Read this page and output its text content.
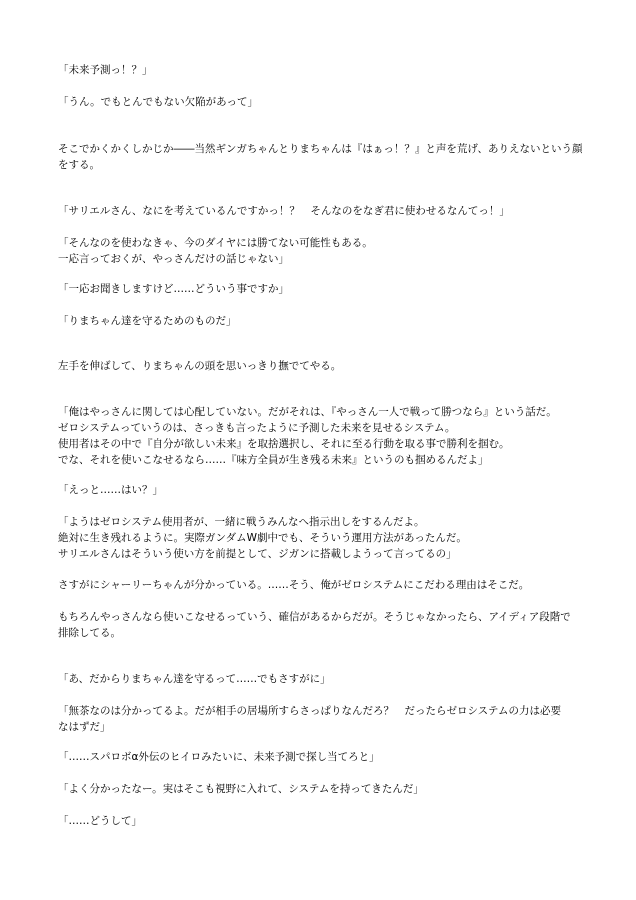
「未来予測っ！？」
「うん。でもとんでもない欠陥があって」
そこでかくかくしかじか――当然ギンガちゃんとりまちゃんは『はぁっ！？』と声を荒げ、ありえないという顔
をする。
「サリエルさん、なにを考えているんですかっ！？　そんなのをなぎ君に使わせるなんてっ！」
「そんなのを使わなきゃ、今のダイヤには勝てない可能性もある。
一応言っておくが、やっさんだけの話じゃない」
「一応お聞きしますけど……どういう事ですか」
「りまちゃん達を守るためのものだ」
左手を伸ばして、りまちゃんの頭を思いっきり撫でてやる。
「俺はやっさんに関しては心配していない。だがそれは、『やっさん一人で戦って勝つなら』という話だ。
ゼロシステムっていうのは、さっきも言ったように予測した未来を見せるシステム。
使用者はその中で『自分が欲しい未来』を取捨選択し、それに至る行動を取る事で勝利を掴む。
でな、それを使いこなせるなら……『味方全員が生き残る未来』というのも掴めるんだよ」
「えっと……はい？」
「ようはゼロシステム使用者が、一緒に戦うみんなへ指示出しをするんだよ。
絶対に生き残れるように。実際ガンダムW劇中でも、そういう運用方法があったんだ。
サリエルさんはそういう使い方を前提として、ジガンに搭載しようって言ってるの」
さすがにシャーリーちゃんが分かっている。……そう、俺がゼロシステムにこだわる理由はそこだ。
もちろんやっさんなら使いこなせるっていう、確信があるからだが。そうじゃなかったら、アイディア段階で
排除してる。
「あ、だからりまちゃん達を守るって……でもさすがに」
「無茶なのは分かってるよ。だが相手の居場所すらさっぱりなんだろ？　だったらゼロシステムの力は必要
なはずだ」
「……スパロボα外伝のヒイロみたいに、未来予測で探し当てろと」
「よく分かったなー。実はそこも視野に入れて、システムを持ってきたんだ」
「……どうして」
